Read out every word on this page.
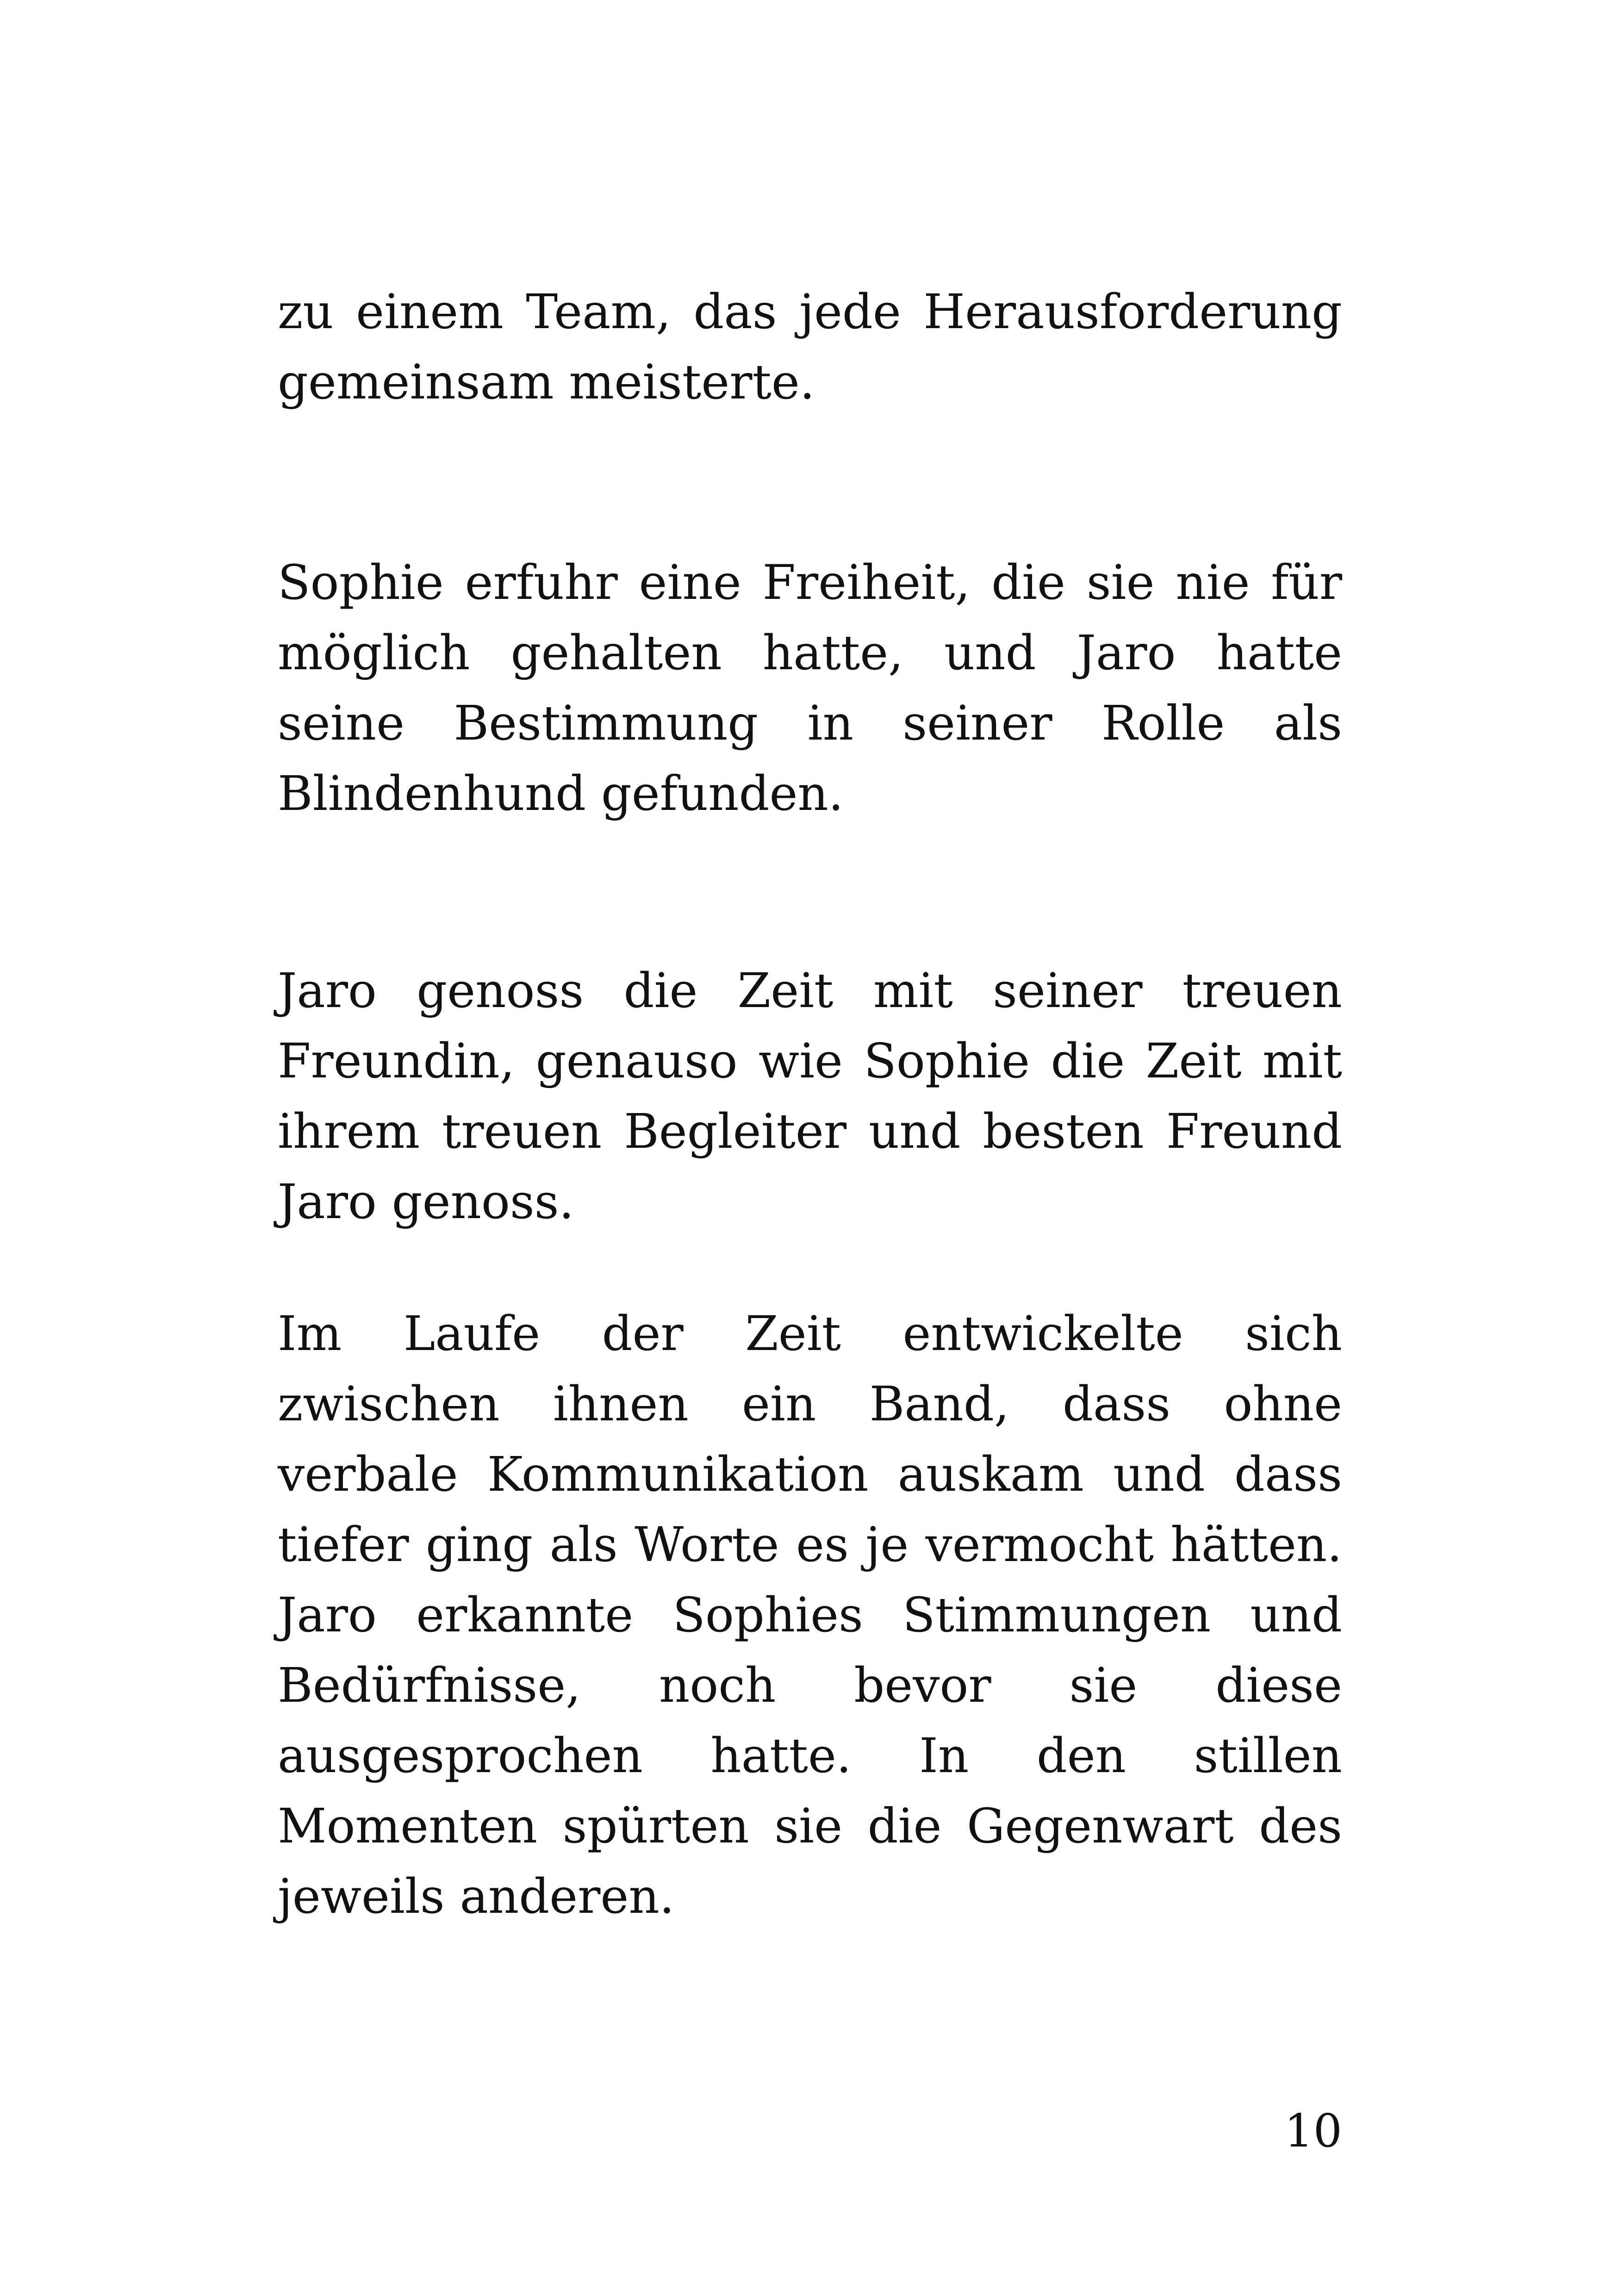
zu einem Team, das jede Herausforderung gemeinsam meisterte.

Sophie erfuhr eine Freiheit, die sie nie für möglich gehalten hatte, und Jaro hatte seine Bestimmung in seiner Rolle als Blindenhund gefunden.

Jaro genoss die Zeit mit seiner treuen Freundin, genauso wie Sophie die Zeit mit ihrem treuen Begleiter und besten Freund Jaro genoss.

Im Laufe der Zeit entwickelte sich zwischen ihnen ein Band, dass ohne verbale Kommunikation auskam und dass tiefer ging als Worte es je vermocht hätten. Jaro erkannte Sophies Stimmungen und Bedürfnisse, noch bevor sie diese ausgesprochen hatte. In den stillen Momenten spürten sie die Gegenwart des jeweils anderen.

10
